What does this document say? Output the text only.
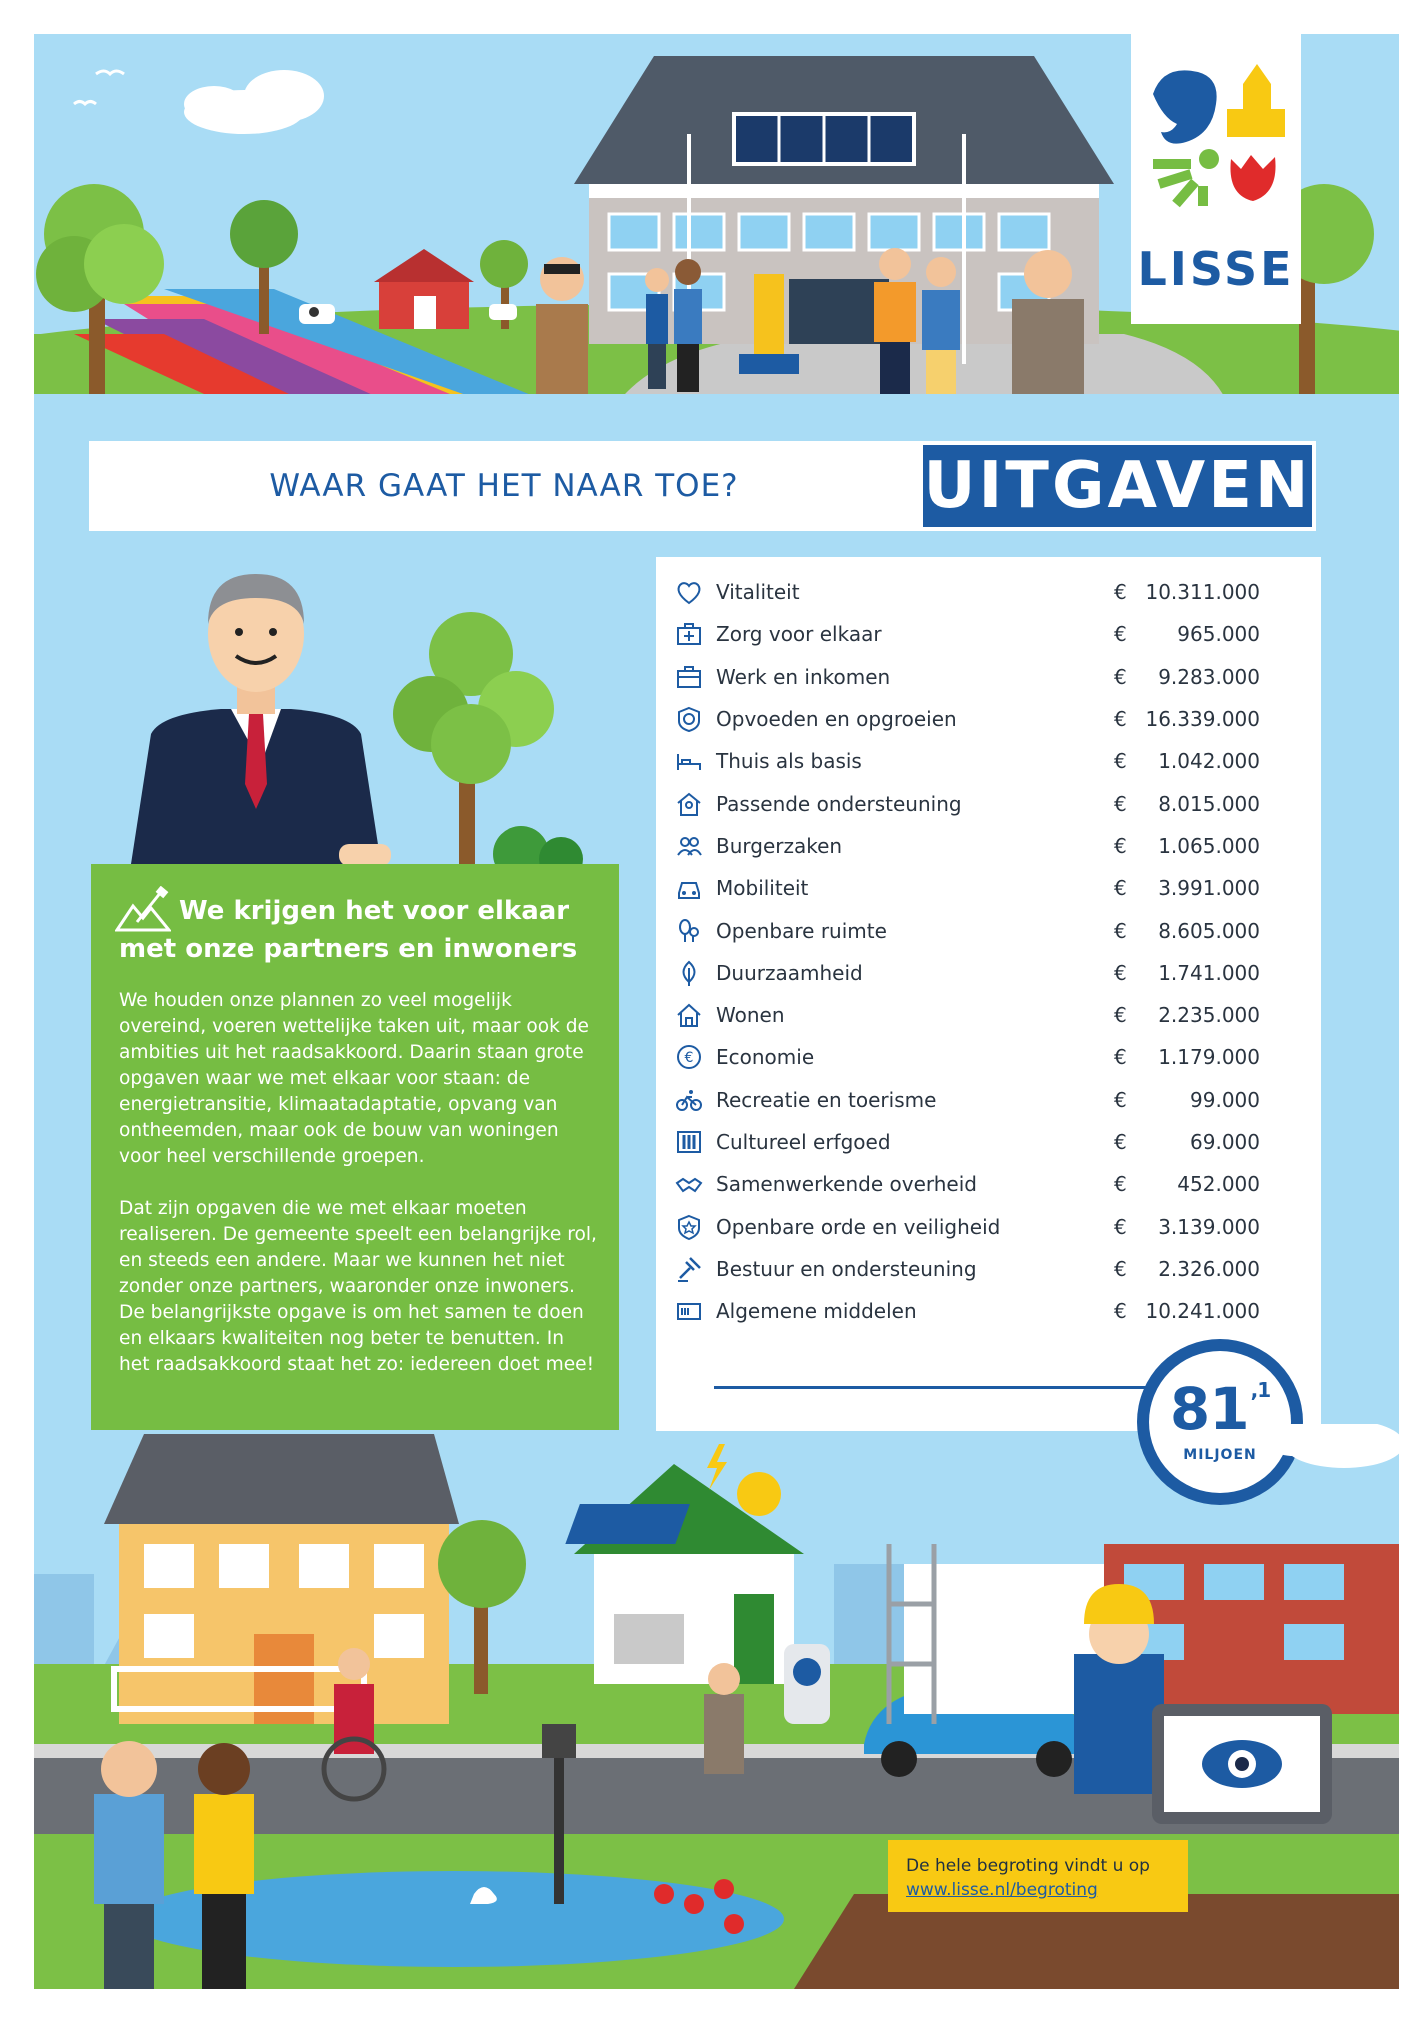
LISSE
WAAR GAAT HET NAAR TOE?	UITGAVEN
We krijgen het voor elkaar
met onze partners en inwoners
We houden onze plannen zo veel mogelijk overeind, voeren wettelijke taken uit, maar ook de ambities uit het raadsakkoord. Daarin staan grote opgaven waar we met elkaar voor staan: de energietransitie, klimaatadaptatie, opvang van ontheemden, maar ook de bouw van woningen voor heel verschillende groepen.
Dat zijn opgaven die we met elkaar moeten realiseren. De gemeente speelt een belangrijke rol, en steeds een andere. Maar we kunnen het niet zonder onze partners, waaronder onze inwoners. De belangrijkste opgave is om het samen te doen en elkaars kwaliteiten nog beter te benutten. In het raadsakkoord staat het zo: iedereen doet mee!
Vitaliteit	€ 10.311.000
Zorg voor elkaar	€	965.000
Werk en inkomen	€	9.283.000
Opvoeden en opgroeien	€ 16.339.000
Thuis als basis	€	1.042.000
Passende ondersteuning	€	8.015.000
Burgerzaken	€	1.065.000
Mobiliteit	€	3.991.000
Openbare ruimte	€	8.605.000
Duurzaamheid	€	1.741.000
Wonen	€	2.235.000
€ Economie	€	1.179.000
Recreatie en toerisme	€	99.000
Cultureel erfgoed	€	69.000
Samenwerkende overheid	€	452.000
Openbare orde en veiligheid	€	3.139.000
Bestuur en ondersteuning	€	2.326.000
Algemene middelen	€ 10.241.000
81 $^{,1}$
MILJOEN
De hele begroting vindt u op
www.lisse.nl/begroting
